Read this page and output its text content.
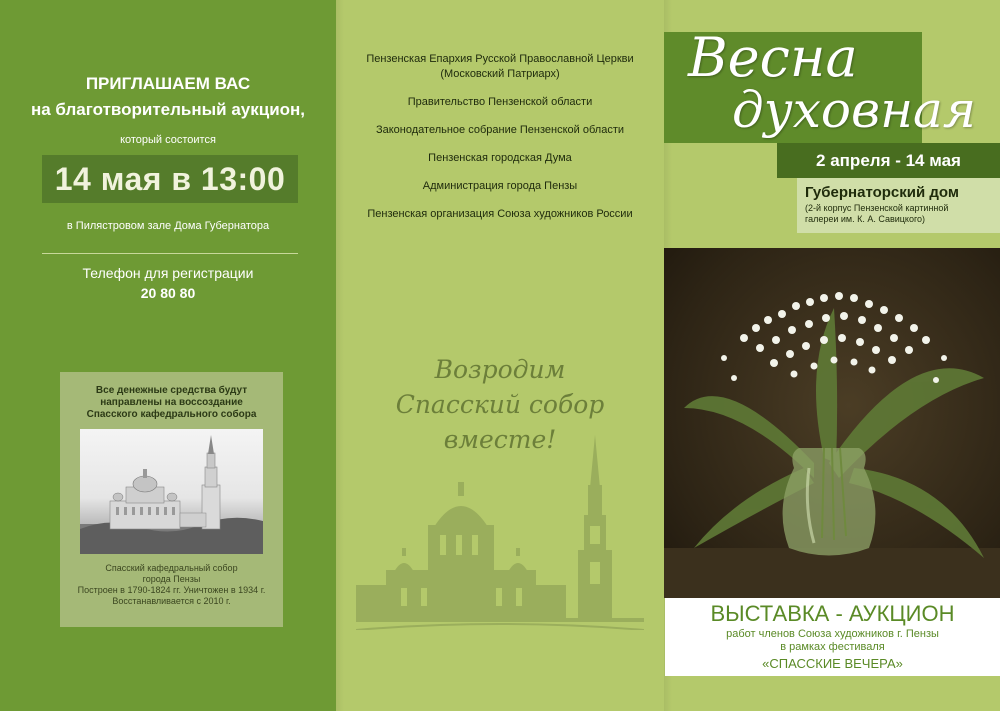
ПРИГЛАШАЕМ ВАС
на благотворительный аукцион,
который состоится
14 мая в 13:00
в Пилястровом зале Дома Губернатора
Телефон для регистрации
20 80 80
Все денежные средства будут
направлены на воссоздание
Спасского кафедрального собора
Спасский кафедральный собор
города Пензы
Построен в 1790-1824 гг. Уничтожен в 1934 г.
Восстанавливается с 2010 г.
Пензенская Епархия Русской Православной Церкви
(Московский Патриарх)
Правительство Пензенской области
Законодательное собрание Пензенской области
Пензенская городская Дума
Администрация города Пензы
Пензенская организация Союза художников России
Возродим
Спасский собор
вместе!
Весна
духовная
2 апреля - 14 мая
Губернаторский дом
(2-й корпус Пензенской картинной
галереи им. К. А. Савицкого)
ВЫСТАВКА - АУКЦИОН
работ членов Союза художников г. Пензы
в рамках фестиваля
«СПАССКИЕ ВЕЧЕРА»
